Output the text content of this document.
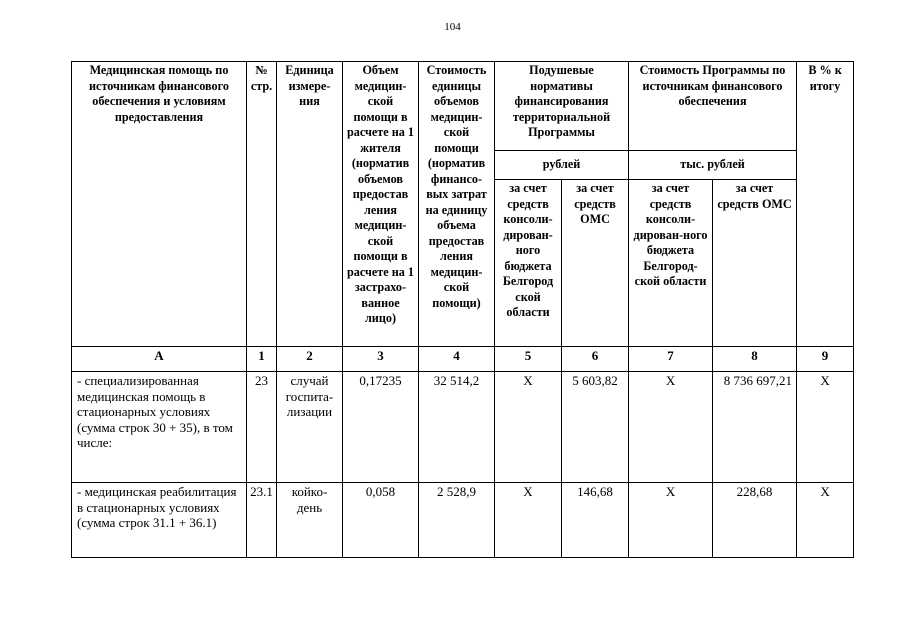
104
Медицинская помощь по источникам финансового обеспечения и условиям предоставления	№ стр.	Единица измере-ния	Объем медицин-ской помощи в расчете на 1 жителя (норматив объемов предостав ления медицин-ской помощи в расчете на 1 застрахо-ванное лицо)	Стоимость единицы объемов медицин-ской помощи (норматив финансо-вых затрат на единицу объема предостав ления медицин-ской помощи)	Подушевые нормативы финансирования территориальной Программы		Стоимость Программы по источникам финансового обеспечения		В % к итогу
					рублей		тыс. рублей		
					за счет средств консоли-дирован-ного бюджета Белгород ской области	за счет средств ОМС	за счет средств консоли-дирован-ного бюджета Белгород-ской области	за счет средств ОМС	
А	1	2	3	4	5	6	7	8	9
- специализированная медицинская помощь в стационарных условиях (сумма строк 30 + 35), в том числе:	23	случай госпита-лизации	0,17235	32 514,2	Х	5 603,82	Х	8 736 697,21	Х
- медицинская реабилитация в стационарных условиях (сумма строк 31.1 + 36.1)	23.1	койко-день	0,058	2 528,9	Х	146,68	Х	228,68	Х
